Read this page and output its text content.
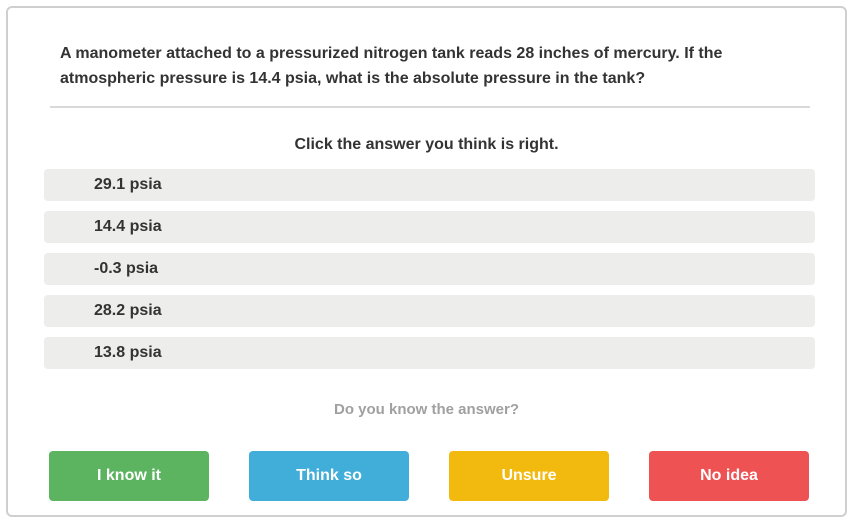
A manometer attached to a pressurized nitrogen tank reads 28 inches of mercury. If the atmospheric pressure is 14.4 psia, what is the absolute pressure in the tank?
Click the answer you think is right.
29.1 psia
14.4 psia
-0.3 psia
28.2 psia
13.8 psia
Do you know the answer?
I know it	Think so	Unsure	No idea
